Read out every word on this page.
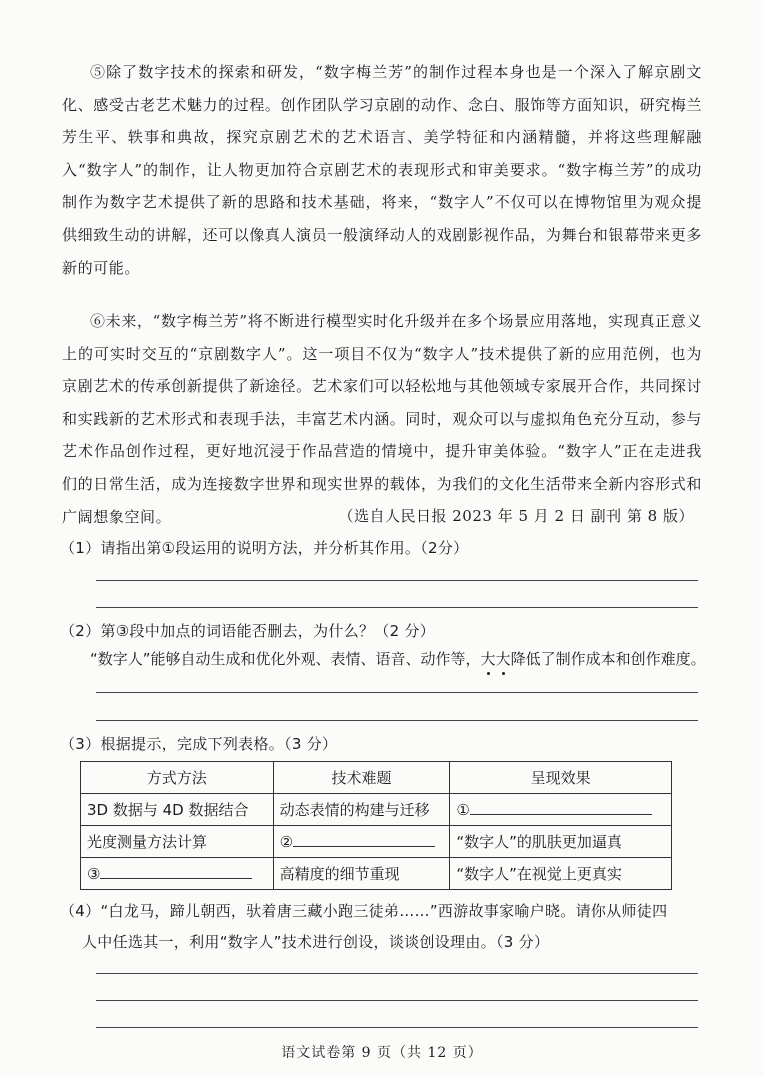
⑤除了数字技术的探索和研发，“数字梅兰芳”的制作过程本身也是一个深入了解京剧文化、感受古老艺术魅力的过程。创作团队学习京剧的动作、念白、服饰等方面知识，研究梅兰芳生平、轶事和典故，探究京剧艺术的艺术语言、美学特征和内涵精髓，并将这些理解融入“数字人”的制作，让人物更加符合京剧艺术的表现形式和审美要求。“数字梅兰芳”的成功制作为数字艺术提供了新的思路和技术基础，将来，“数字人”不仅可以在博物馆里为观众提供细致生动的讲解，还可以像真人演员一般演绎动人的戏剧影视作品，为舞台和银幕带来更多新的可能。

⑥未来，“数字梅兰芳”将不断进行模型实时化升级并在多个场景应用落地，实现真正意义上的可实时交互的“京剧数字人”。这一项目不仅为“数字人”技术提供了新的应用范例，也为京剧艺术的传承创新提供了新途径。艺术家们可以轻松地与其他领域专家展开合作，共同探讨和实践新的艺术形式和表现手法，丰富艺术内涵。同时，观众可以与虚拟角色充分互动，参与艺术作品创作过程，更好地沉浸于作品营造的情境中，提升审美体验。“数字人”正在走进我们的日常生活，成为连接数字世界和现实世界的载体，为我们的文化生活带来全新内容形式和广阔想象空间。	（选自人民日报 2023 年 5 月 2 日 副刊 第 8 版）
（1）请指出第①段运用的说明方法，并分析其作用。（2分）
（2）第③段中加点的词语能否删去，为什么？（2 分）
“数字人”能够自动生成和优化外观、表情、语音、动作等，大大降低了制作成本和创作难度。
（3）根据提示，完成下列表格。（3 分）
方式方法	技术难题	呈现效果
3D 数据与 4D 数据结合	动态表情的构建与迁移	①
光度测量方法计算	②	“数字人”的肌肤更加逼真
③	高精度的细节重现	“数字人”在视觉上更真实
（4）“白龙马，蹄儿朝西，驮着唐三藏小跑三徒弟……”西游故事家喻户晓。请你从师徒四
人中任选其一，利用“数字人”技术进行创设，谈谈创设理由。（3 分）
语文试卷第 9 页（共 12 页）
